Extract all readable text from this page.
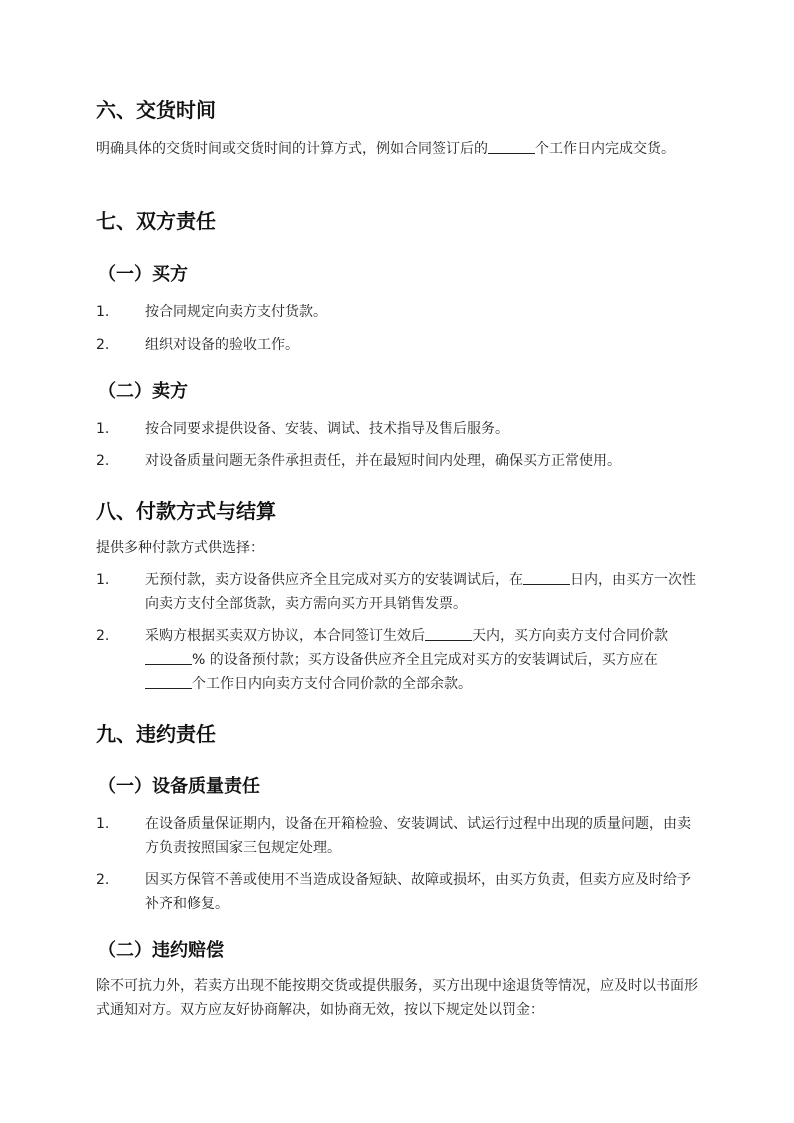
六、交货时间

明确具体的交货时间或交货时间的计算方式，例如合同签订后的	个工作日内完成交货。

七、双方责任
（一）买方
1.	按合同规定向卖方支付货款。
2.	组织对设备的验收工作。
（二）卖方
1.	按合同要求提供设备、安装、调试、技术指导及售后服务。
2.	对设备质量问题无条件承担责任，并在最短时间内处理，确保买方正常使用。
八、付款方式与结算

提供多种付款方式供选择：

1.	无预付款，卖方设备供应齐全且完成对买方的安装调试后，在	日内，由买方一次性向卖方支付全部货款，卖方需向买方开具销售发票。
2.	采购方根据买卖双方协议，本合同签订生效后	天内，买方向卖方支付合同价款% 的设备预付款；买方设备供应齐全且完成对买方的安装调试后，买方应在个工作日内向卖方支付合同价款的全部余款。
九、违约责任
（一）设备质量责任
1.	在设备质量保证期内，设备在开箱检验、安装调试、试运行过程中出现的质量问题，由卖方负责按照国家三包规定处理。
2.	因买方保管不善或使用不当造成设备短缺、故障或损坏，由买方负责，但卖方应及时给予补齐和修复。
（二）违约赔偿

除不可抗力外，若卖方出现不能按期交货或提供服务，买方出现中途退货等情况，应及时以书面形式通知对方。双方应友好协商解决，如协商无效，按以下规定处以罚金：
